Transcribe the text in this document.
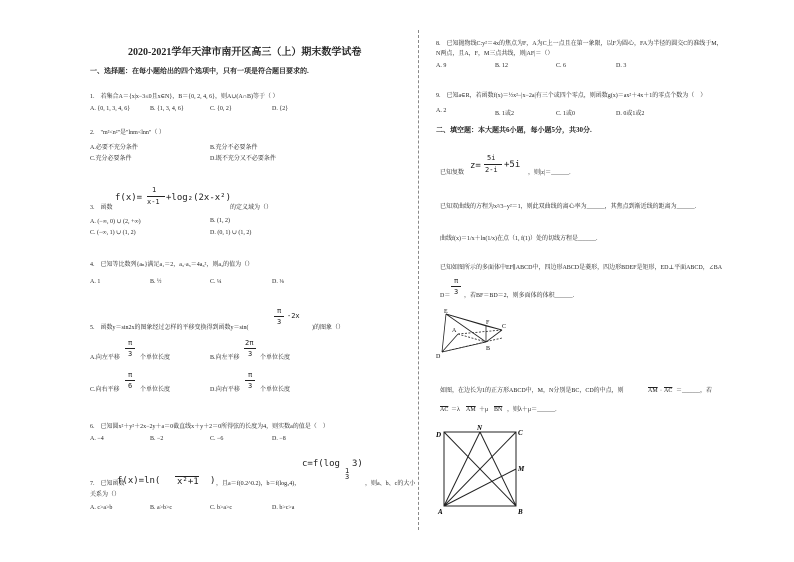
2020-2021学年天津市南开区高三（上）期末数学试卷
一、选择题：在每小题给出的四个选项中，只有一项是符合题目要求的.
1.　若集合A＝{x|x−3≤0且x∈N}，B＝{0, 2, 4, 6}，则A∪(A∩B)等于（ ）
A. {0, 1, 3, 4, 6}	B. {1, 3, 4, 6}	C. {0, 2}	D. {2}
2.　"m²<n²"是"lnm<lnn"（ ）
A.必要不充分条件	B.充分不必要条件
C.充分必要条件	D.既不充分又不必要条件
3.　函数
f(x)=
1
x-1 +log₂(2x-x²)
的定义域为（）
A. (−∞, 0) ∪ (2, +∞)	B. (1, 2)
C. (−∞, 1) ∪ (1, 2)	D. (0, 1) ∪ (1, 2)
4.　已知等比数列{aₙ}满足a₁＝2，a₃·a₅＝4a₆²，则a₃的值为（）
A. 1	B. ½	C. ¼	D. ⅛
5.　函数y＝sin2x的图象经过怎样的平移变换得到函数y＝sin(
π
3
-2x
)的图象（）
A.向左平移
π
3 个单位长度	B.向左平移
2π
3 个单位长度
C.向右平移
π
6 个单位长度	D.向右平移
π
3 个单位长度
6.　已知圆x²＋y²＋2x−2y＋a＝0截直线x＋y＋2＝0所得弦的长度为4，则实数a的值是（　）
A. −4	B. −2	C. −6	D. −8
c=f(log
1
3
3)
7.　已知函数
f(x)=ln( x²+1 ) ，且a＝f(0.2^0.2)，b＝f(log₃4)，	，则a、b、c的大小
关系为（）
A. c>a>b	B. a>b>c	C. b>a>c	D. b>c>a
8.　已知抛物线C:y²＝4x的焦点为F，A为C上一点且在第一象限，以F为圆心，FA为半径的圆交C的准线于M，
N两点，且A，F，M三点共线，则|AF|＝（）
A. 9	B. 12	C. 6	D. 3
9.　已知a∈R，若函数f(x)＝½x²−|x−2a|有三个或四个零点，则函数g(x)＝ax²＋4x＋1的零点个数为（　）
A. 2	B. 1或2	C. 1或0	D. 0或1或2
二、填空题：本大题共6小题，每小题5分，共30分.
已知复数
z=
5i
2-i +5i
，则|z|＝______.
已知双曲线的方程为x²/3−y²＝1，则此双曲线的离心率为______，其焦点到渐近线的距离为______.
曲线f(x)＝1/x＋ln(1/x)在点（1, f(1)）处的切线方程是______.
已知如图所示的多面体中EF∥ABCD中，四边形ABCD是菱形，四边形BDEF是矩形，ED⊥平面ABCD，∠BA
D＝
π
3 ，若BF＝BD＝2，则多面体的体积______.
E
F
A
B
C
D
如图，在边长为1的正方形ABCD中，M，N分别是BC，CD的中点，则	$\overline{AM} \cdot \overline{AC}$ ＝______，若
$\overline{AC} =\lambda$ $\overline{AM} +\mu$ $\overline{BN}$ ，则λ＋μ＝______.
D
N
C
M
A	B
